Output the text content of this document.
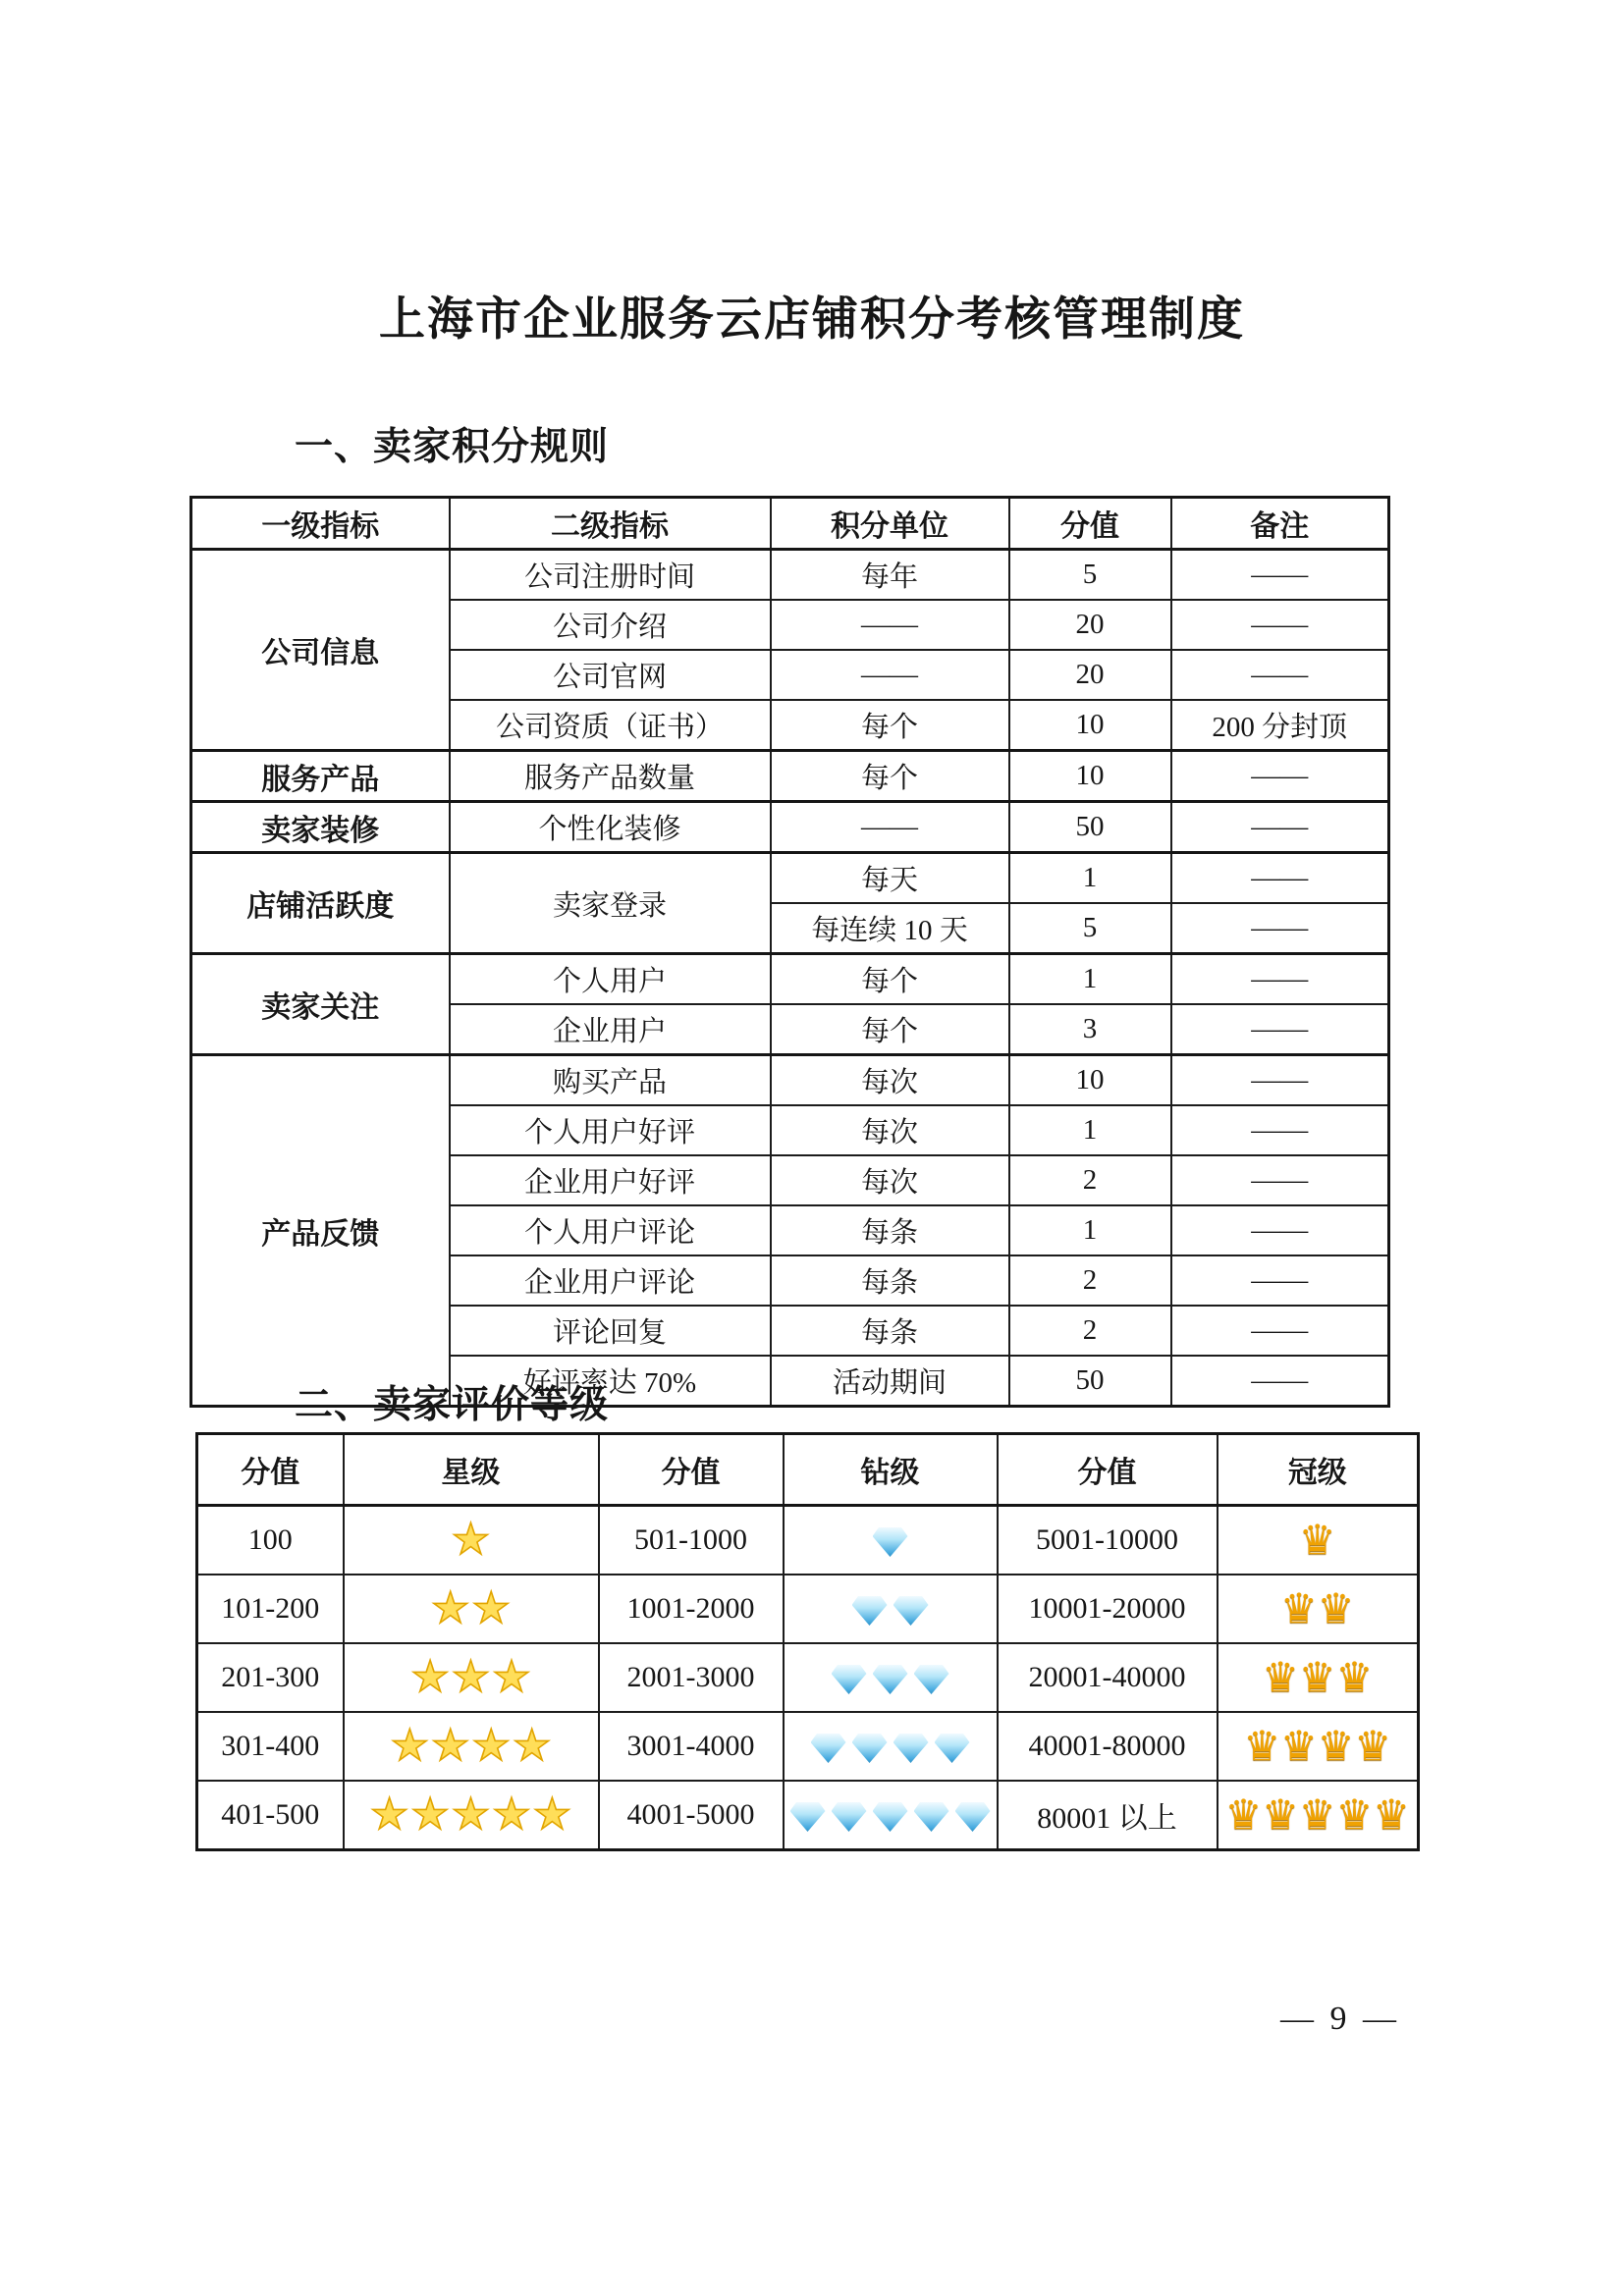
上海市企业服务云店铺积分考核管理制度
一、卖家积分规则
一级指标	二级指标	积分单位	分值	备注
公司信息	公司注册时间	每年	5	——
	公司介绍	——	20	——
	公司官网	——	20	——
	公司资质（证书）	每个	10	200 分封顶
服务产品	服务产品数量	每个	10	——
卖家装修	个性化装修	——	50	——
店铺活跃度	卖家登录	每天	1	——
		每连续 10 天	5	——
卖家关注	个人用户	每个	1	——
	企业用户	每个	3	——
产品反馈	购买产品	每次	10	——
	个人用户好评	每次	1	——
	企业用户好评	每次	2	——
	个人用户评论	每条	1	——
	企业用户评论	每条	2	——
	评论回复	每条	2	——
	好评率达 70%	活动期间	50	——
二、卖家评价等级
分值	星级	分值	钻级	分值	冠级
100	★	501-1000		5001-10000	♛
101-200	★★	1001-2000		10001-20000	♛♛
201-300	★★★	2001-3000		20001-40000	♛♛♛
301-400	★★★★	3001-4000		40001-80000	♛♛♛♛
401-500	★★★★★	4001-5000		80001 以上	♛♛♛♛♛
— 9 —
